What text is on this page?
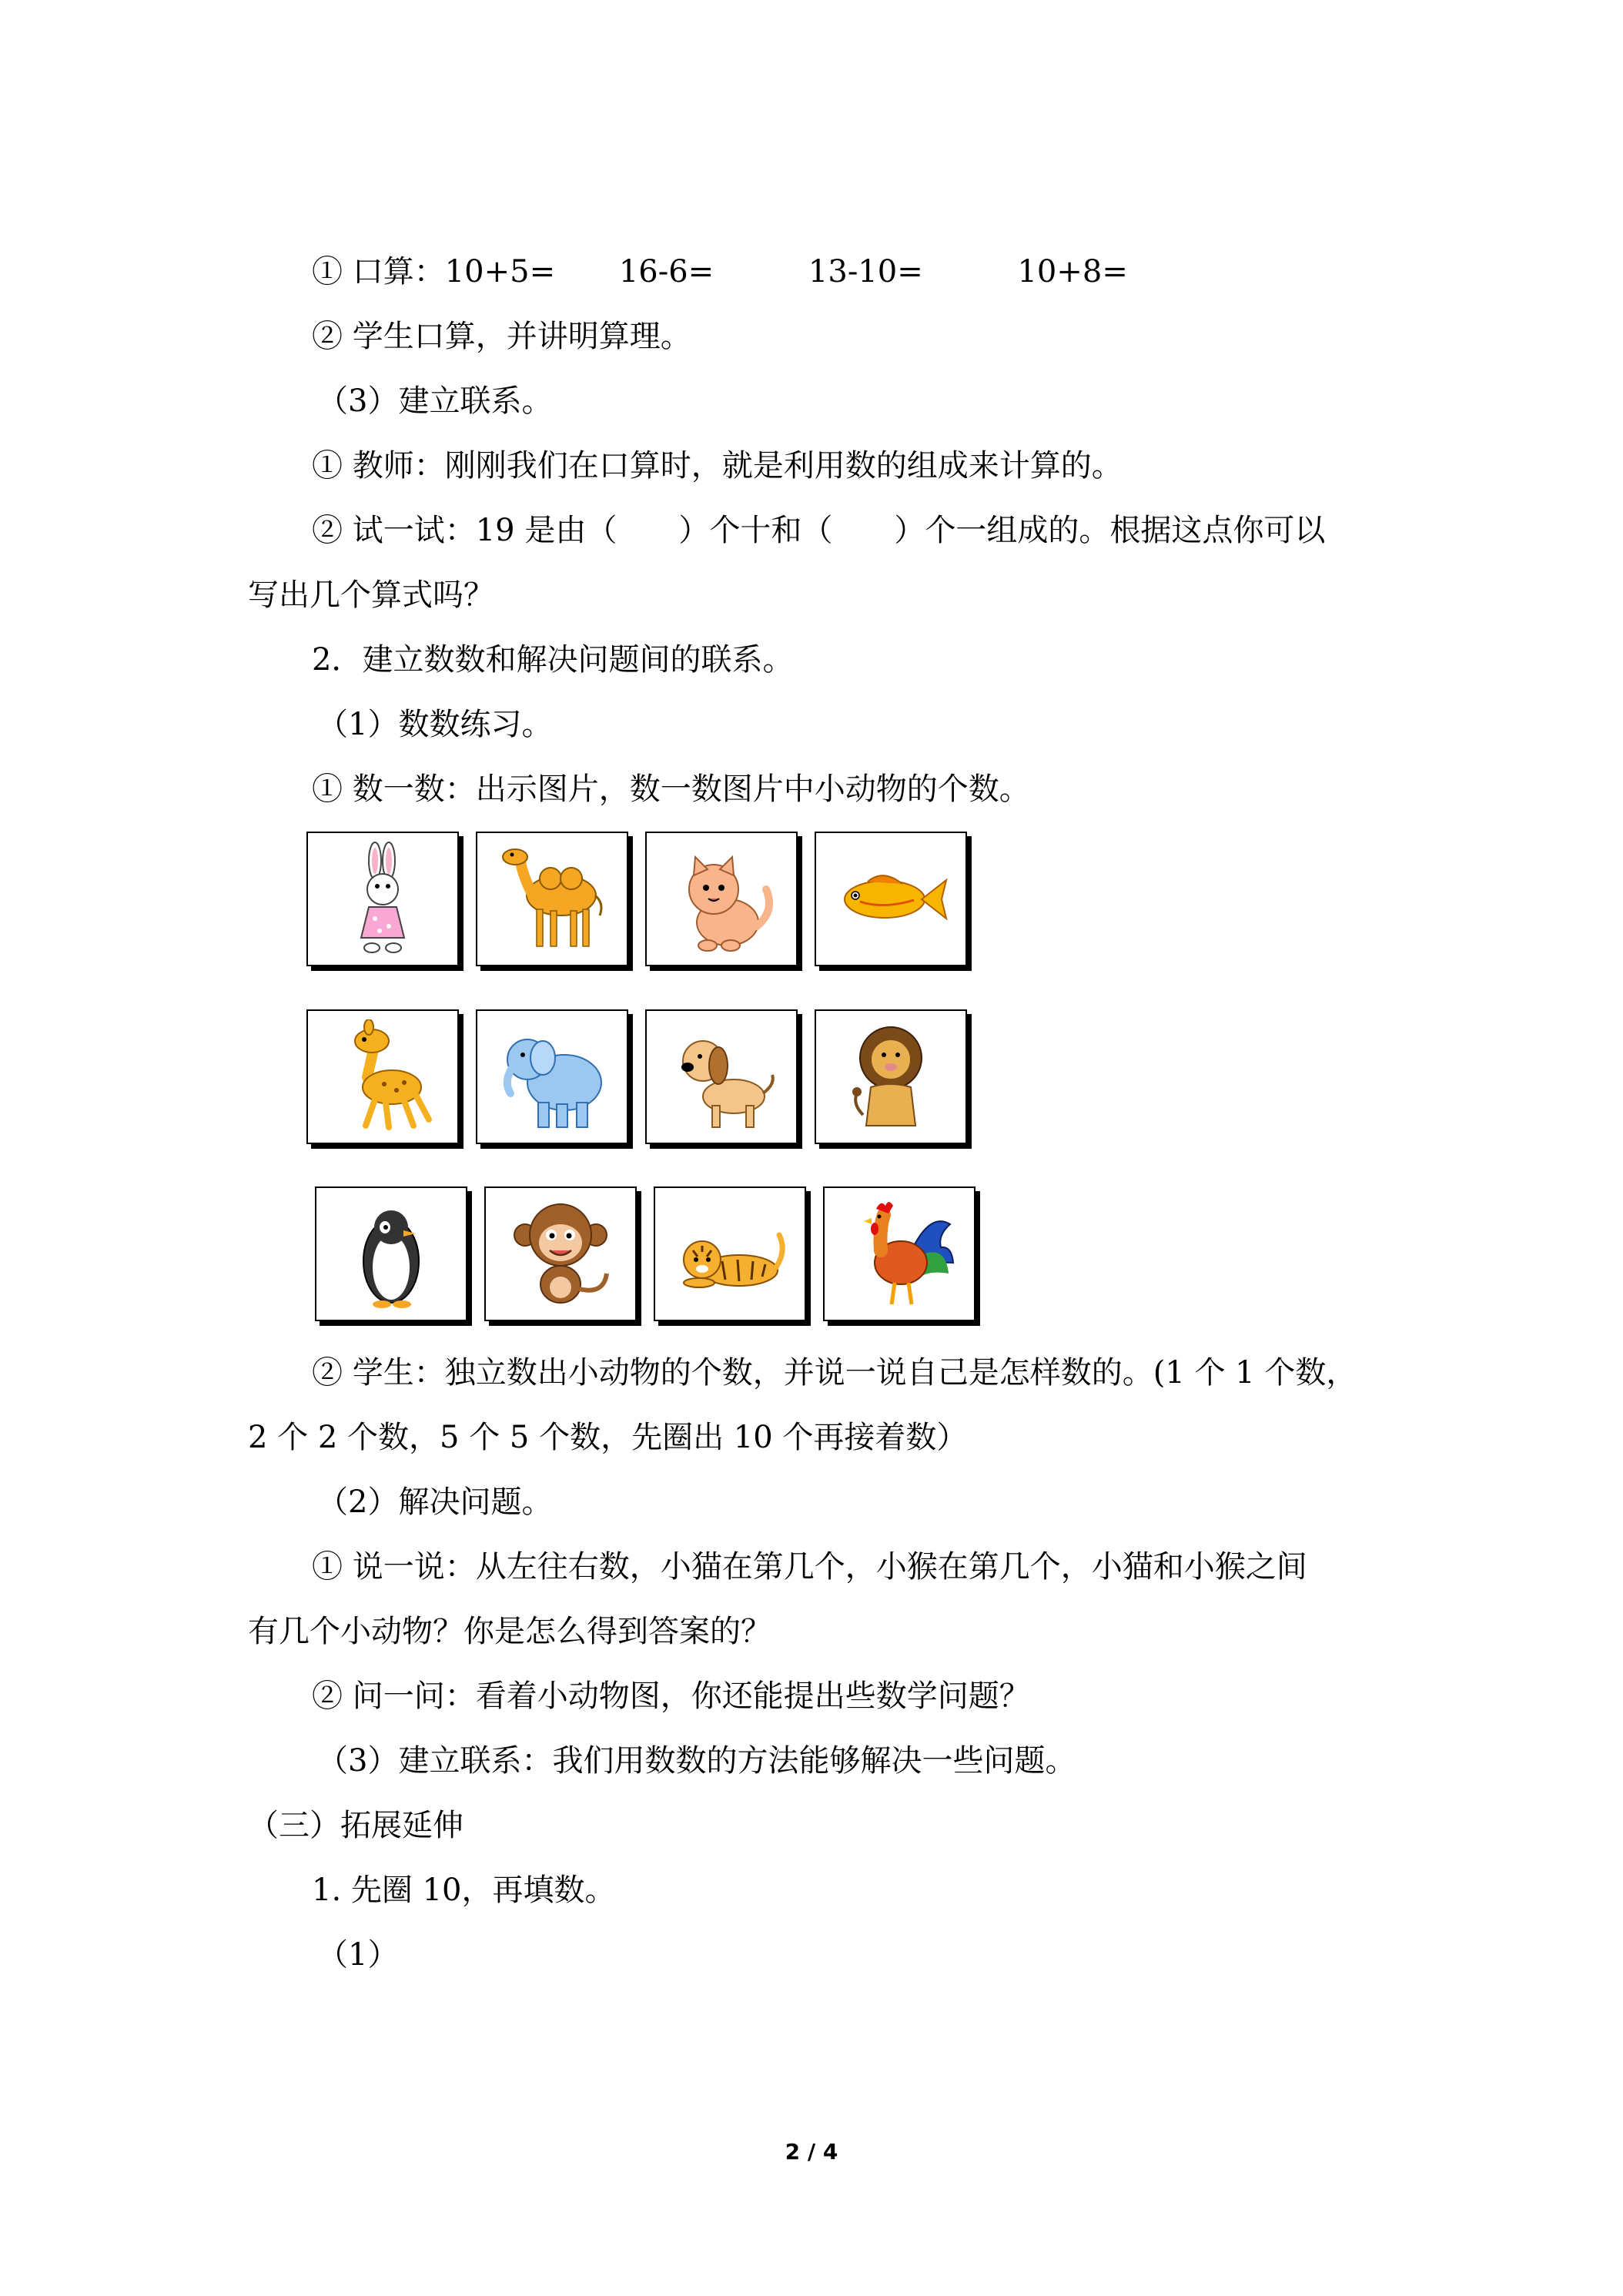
① 口算：10+5= 16-6=	13-10=	10+8=
② 学生口算，并讲明算理。
（3）建立联系。
① 教师：刚刚我们在口算时，就是利用数的组成来计算的。
② 试一试：19 是由（　　）个十和（　　）个一组成的。根据这点你可以
写出几个算式吗？
2．建立数数和解决问题间的联系。
（1）数数练习。
① 数一数：出示图片，数一数图片中小动物的个数。
② 学生：独立数出小动物的个数，并说一说自己是怎样数的。(1 个 1 个数，
2 个 2 个数，5 个 5 个数，先圈出 10 个再接着数）
（2）解决问题。
① 说一说：从左往右数，小猫在第几个，小猴在第几个，小猫和小猴之间
有几个小动物？你是怎么得到答案的？
② 问一问：看着小动物图，你还能提出些数学问题？
（3）建立联系：我们用数数的方法能够解决一些问题。
（三）拓展延伸
1. 先圈 10，再填数。
（1）
2 / 4
